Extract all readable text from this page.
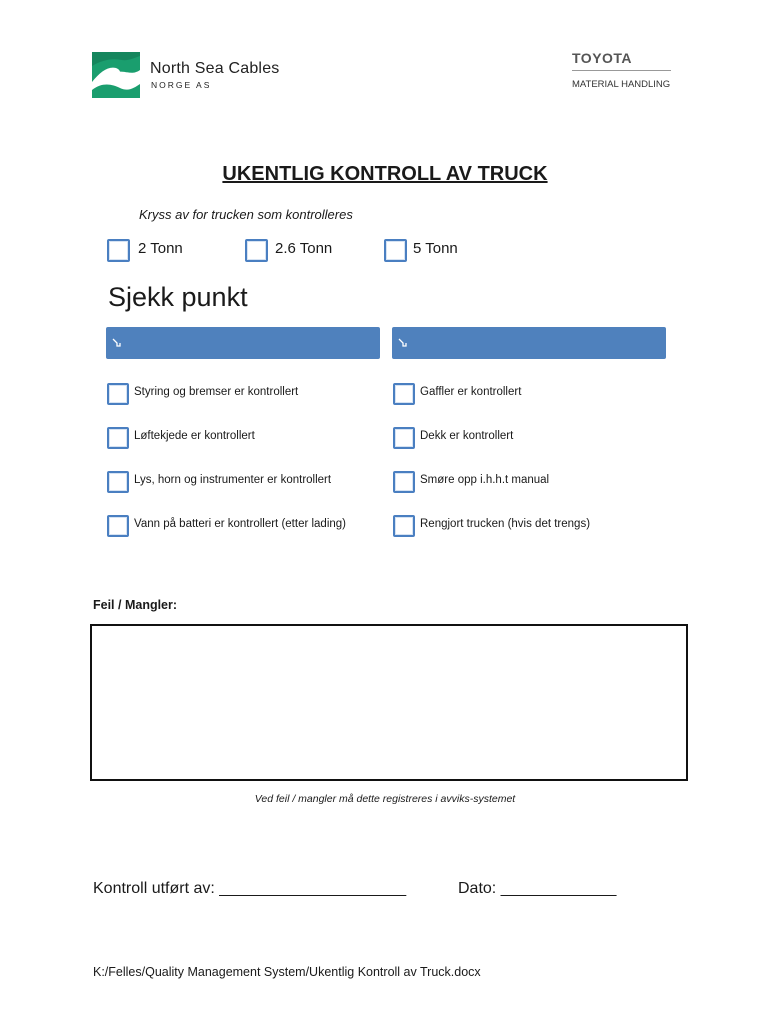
North Sea Cables
NORGE AS
TOYOTA
MATERIAL HANDLING
UKENTLIG KONTROLL AV TRUCK
Kryss av for trucken som kontrolleres
2 Tonn	2.6 Tonn	5 Tonn
Sjekk punkt
Styring og bremser er kontrollert
Løftekjede er kontrollert
Lys, horn og instrumenter er kontrollert
Vann på batteri er kontrollert (etter lading)
Gaffler er kontrollert
Dekk er kontrollert
Smøre opp i.h.h.t manual
Rengjort trucken (hvis det trengs)
Feil / Mangler:
Ved feil / mangler må dette registreres i avviks-systemet
Kontroll utført av: _____________________	Dato: _____________
K:/Felles/Quality Management System/Ukentlig Kontroll av Truck.docx
